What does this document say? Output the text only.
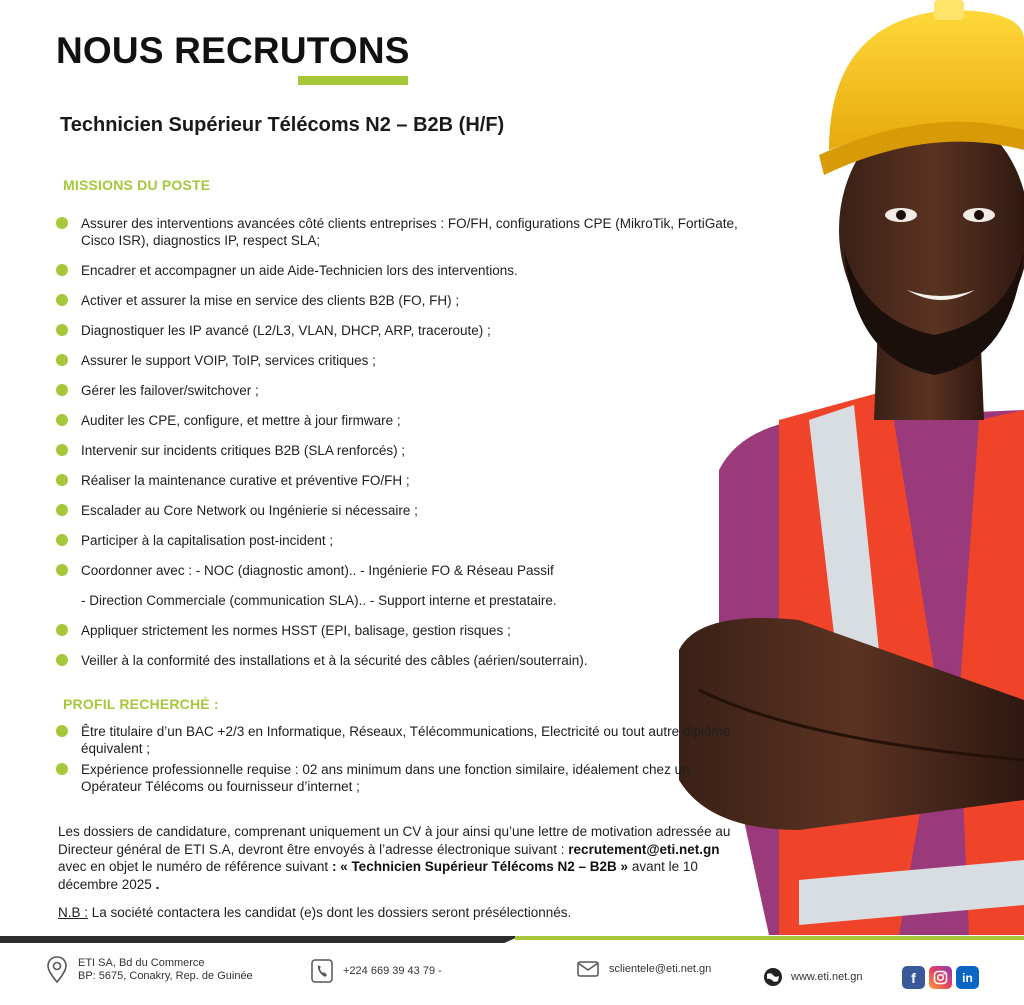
NOUS RECRUTONS
Technicien Supérieur Télécoms N2 – B2B (H/F)
MISSIONS DU POSTE
Assurer des interventions avancées côté clients entreprises : FO/FH, configurations CPE (MikroTik, FortiGate, Cisco ISR), diagnostics IP, respect SLA;
Encadrer et accompagner un aide Aide-Technicien lors des interventions.
Activer et assurer la mise en service des clients B2B (FO, FH) ;
Diagnostiquer les IP avancé (L2/L3, VLAN, DHCP, ARP, traceroute) ;
Assurer le support VOIP, ToIP, services critiques ;
Gérer les failover/switchover ;
Auditer les CPE, configure, et mettre à jour firmware ;
Intervenir sur incidents critiques B2B (SLA renforcés) ;
Réaliser la maintenance curative et préventive FO/FH ;
Escalader au Core Network ou Ingénierie si nécessaire ;
Participer à la capitalisation post-incident ;
Coordonner avec : - NOC (diagnostic amont).. - Ingénierie FO & Réseau Passif
- Direction Commerciale (communication SLA).. - Support interne et prestataire.
Appliquer strictement les normes HSST (EPI, balisage, gestion risques ;
Veiller à la conformité des installations et à la sécurité des câbles (aérien/souterrain).
PROFIL RECHERCHÉ :
Être titulaire d’un BAC +2/3 en Informatique, Réseaux, Télécommunications, Electricité ou tout autre diplôme équivalent ;
Expérience professionnelle requise : 02 ans minimum dans une fonction similaire, idéalement chez un Opérateur Télécoms ou fournisseur d’internet ;
Les dossiers de candidature, comprenant uniquement un CV à jour ainsi qu’une lettre de motivation adressée au Directeur général de ETI S.A, devront être envoyés à l’adresse électronique suivant : recrutement@eti.net.gn avec en objet le numéro de référence suivant : « Technicien Supérieur Télécoms N2 – B2B » avant le 10 décembre 2025 .
N.B : La société contactera les candidat (e)s dont les dossiers seront présélectionnés.
ETI SA, Bd du Commerce
BP: 5675, Conakry, Rep. de Guinée	+224 669 39 43 79 -	sclientele@eti.net.gn
www.eti.net.gn	f	in
